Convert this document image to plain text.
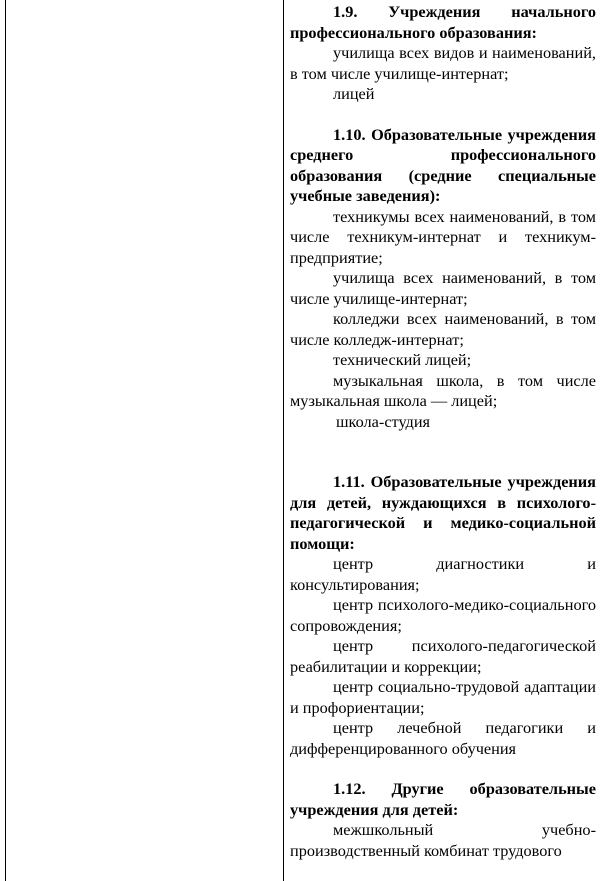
1.9. Учреждения начального профессионального образования:

училища всех видов и наименований, в том числе училище-интернат;

лицей

1.10. Образовательные учреждения среднего профессионального образования (средние специальные учебные заведения):

техникумы всех наименований, в том числе техникум-интернат и техникум-предприятие;

училища всех наименований, в том числе училище-интернат;

колледжи всех наименований, в том числе колледж-интернат;

технический лицей;

музыкальная школа, в том числе музыкальная школа — лицей;

школа-студия

1.11. Образовательные учреждения для детей, нуждающихся в психолого-педагогической и медико-социальной помощи:

центр диагностики и консультирования;

центр психолого-медико-социального сопровождения;

центр психолого-педагогической реабилитации и коррекции;

центр социально-трудовой адаптации и профориентации;

центр лечебной педагогики и дифференцированного обучения

1.12. Другие образовательные учреждения для детей:

межшкольный учебно-производственный комбинат трудового
